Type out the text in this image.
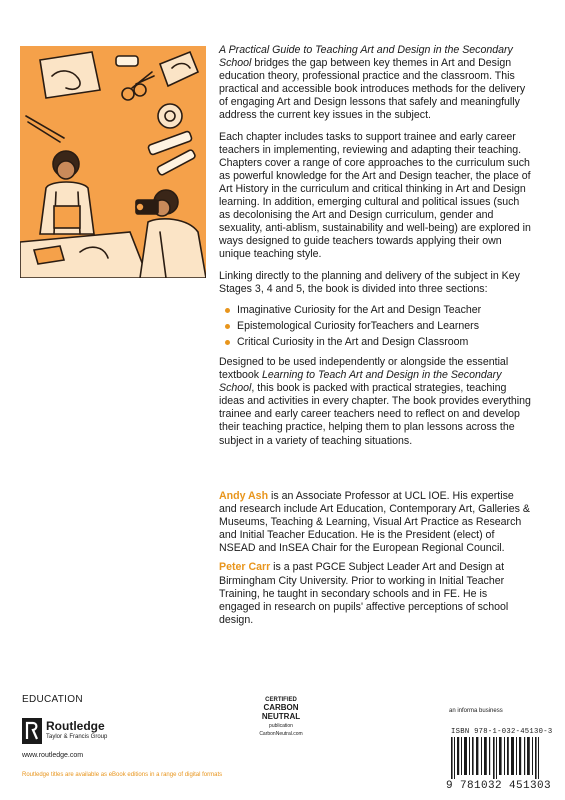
A Practical Guide to Teaching Art and Design in the Secondary School bridges the gap between key themes in Art and Design education theory, professional practice and the classroom. This practical and accessible book introduces methods for the delivery of engaging Art and Design lessons that safely and meaningfully address the current key issues in the subject.

Each chapter includes tasks to support trainee and early career teachers in implementing, reviewing and adapting their teaching. Chapters cover a range of core approaches to the curriculum such as powerful knowledge for the Art and Design teacher, the place of Art History in the curriculum and critical thinking in Art and Design learning. In addition, emerging cultural and political issues (such as decolonising the Art and Design curriculum, gender and sexuality, anti-ablism, sustainability and well-being) are explored in ways designed to guide teachers towards applying their own unique teaching style.

Linking directly to the planning and delivery of the subject in Key Stages 3, 4 and 5, the book is divided into three sections:

Imaginative Curiosity for the Art and Design Teacher
Epistemological Curiosity forTeachers and Learners
Critical Curiosity in the Art and Design Classroom

Designed to be used independently or alongside the essential textbook Learning to Teach Art and Design in the Secondary School, this book is packed with practical strategies, teaching ideas and activities in every chapter. The book provides everything trainee and early career teachers need to reflect on and develop their teaching practice, helping them to plan lessons across the subject in a variety of teaching situations.

Andy Ash is an Associate Professor at UCL IOE. His expertise and research include Art Education, Contemporary Art, Galleries & Museums, Teaching & Learning, Visual Art Practice as Research and Initial Teacher Education. He is the President (elect) of NSEAD and InSEA Chair for the European Regional Council.

Peter Carr is a past PGCE Subject Leader Art and Design at Birmingham City University. Prior to working in Initial Teacher Training, he taught in secondary schools and in FE. He is engaged in research on pupils' affective perceptions of school design.

EDUCATION
Routledge
Taylor & Francis Group
www.routledge.com
Routledge titles are available as eBook editions in a range of digital formats
CERTIFIED
CARBON
NEUTRAL
publication
CarbonNeutral.com
an informa business
ISBN 978-1-032-45130-3
9 781032 451303
